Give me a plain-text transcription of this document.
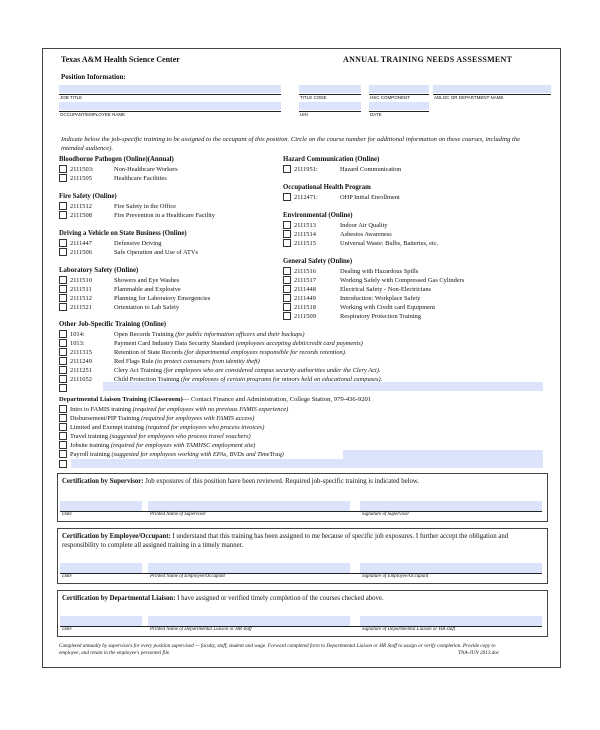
Texas A&M Health Science Center	ANNUAL TRAINING NEEDS ASSESSMENT
Position Information:
JOB TITLE	TITLE CODE	HSC COMPONENT	ADLOC OR DEPARTMENT NAME
OCCUPANT/EMPLOYEE NAME	UIN	DATE
Indicate below the job-specific training to be assigned to the occupant of this position. Circle on the course number for additional information on these courses, including the intended audience).
Bloodborne Pathogen (Online)(Annual)
2111503:	Non-Healthcare Workers
2111505	Healthcare Facilities
Fire Safety (Online)
2111512	Fire Safety in the Office
2111508	Fire Prevention in a Healthcare Facility
Driving a Vehicle on State Business (Online)
2111447	Defensive Driving
2111506	Safe Operation and Use of ATVs
Laboratory Safety (Online)
2111510	Showers and Eye Washes
2111511	Flammable and Explosive
2111512	Planning for Laboratory Emergencies
2111521	Orientation to Lab Safety
Hazard Communication (Online)
2111951:	Hazard Communication
Occupational Health Program
2112471:	OHP Initial Enrollment
Environmental (Online)
2111513	Indoor Air Quality
2111514	Asbestos Awareness
2111515	Universal Waste: Bulbs, Batteries, etc.
General Safety (Online)
2111516	Dealing with Hazardous Spills
2111517	Working Safely with Compressed Gas Cylinders
2111448	Electrical Safety - Non-Electricians
2111449	Introduction: Workplace Safety
2111518	Working with Credit card Equipment
2111509	Respiratory Protection Training
Other Job-Specific Training (Online)
1014:	Open Records Training
(for public information officers and their backups)
1013:	Payment Card Industry Data Security Standard
(employees accepting debit/credit card payments)
2111315	Retention of State Records
(for departmental employees responsible for records retention).
2111249	Red Flags Rule
(to protect consumers from identity theft)
2111251	Clery Act Training
(for employees who are considered campus security authorities under the Clery Act).
2111652	Child Protection Training
(for employees of certain programs for minors held on educational campuses).
Departmental Liaison Training (Classroom) — Contact Finance and Administration, College Station, 979-436-9201
Intro to FAMIS training
(required for employees with no previous FAMIS experience)
Disbursement/PIP Training
(required for employees with FAMIS access)
Limited and Exempt training
(required for employees who process invoices)
Travel training
(suggested for employees who process travel vouchers)
Jobsite training
(required for employees with TAMHSC employment site)
Payroll training
(suggested for employees working with EPAs, BVDs and TimeTraq)
Certification by Supervisor: Job exposures of this position have been reviewed. Required job-specific training is indicated below.
Date	Printed Name of Supervisor	Signature of Supervisor
Certification by Employee/Occupant: I understand that this training has been assigned to me because of specific job exposures. I further accept the obligation and responsibility to complete all assigned training in a timely manner.
Date	Printed Name of Employee/Occupant	Signature of Employee/Occupant
Certification by Departmental Liaison: I have assigned or verified timely completion of the courses checked above.
Date	Printed Name of Departmental Liaison or HR staff	Signature of Departmental Liaison or HR staff
Completed annually by supervisors for every position supervised — faculty, staff, student and wage. Forward completed form to Departmental Liaison or HR Staff to assign or verify completion. Provide copy to employee, and retain in the employee's personnel file.	TNA-JUN 2013.doc
